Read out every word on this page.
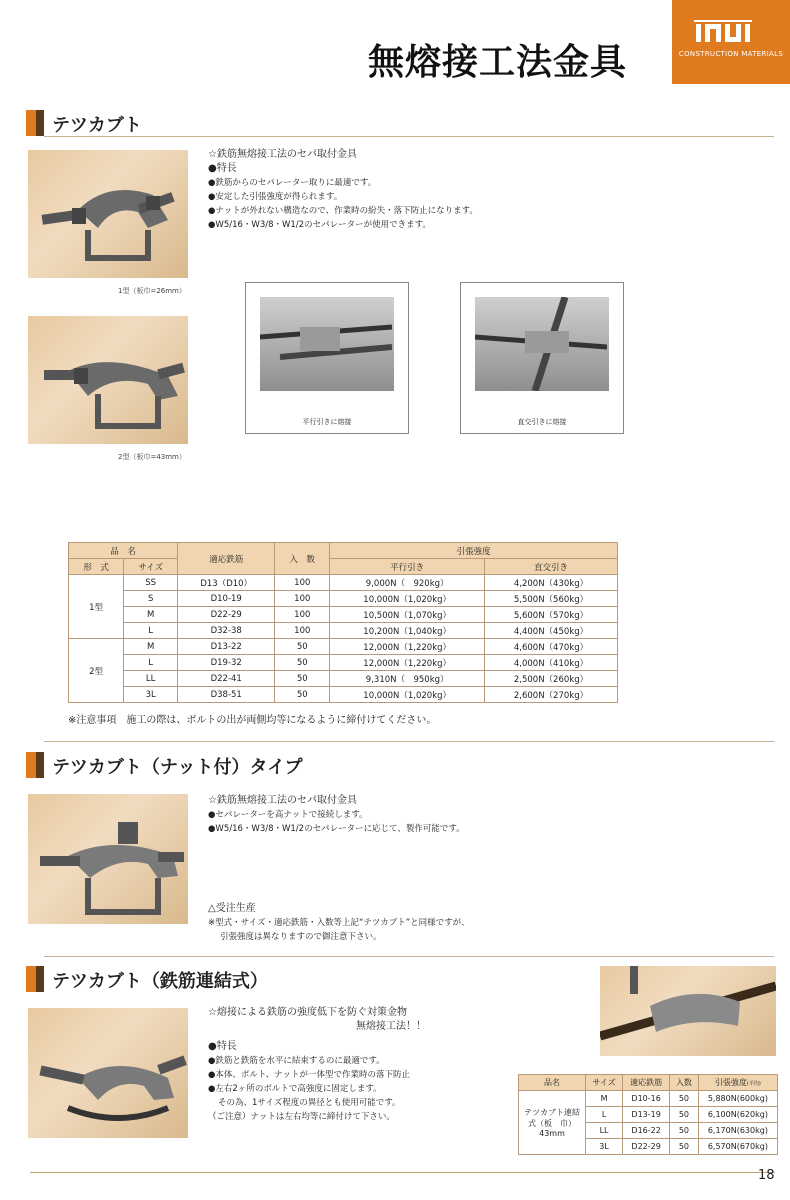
CONSTRUCTION MATERIALS
無熔接工法金具
テツカブト
1型（板巾=26mm）
2型（板巾=43mm）
☆鉄筋無熔接工法のセパ取付金具
●特長
●鉄筋からのセパレーター取りに最適です。
●安定した引張強度が得られます。
●ナットが外れない構造なので、作業時の紛失・落下防止になります。
●W5/16・W3/8・W1/2のセパレーターが使用できます。
平行引きに熔接	直交引きに熔接
品　名		適応鉄筋	入　数	引張強度	
形　式	サイズ			平行引き	直交引き
1型	SS	D13（D10）	100	9,000N（　920kg）	4,200N（430kg）
	S	D10-19	100	10,000N（1,020kg）	5,500N（560kg）
	M	D22-29	100	10,500N（1,070kg）	5,600N（570kg）
	L	D32-38	100	10,200N（1,040kg）	4,400N（450kg）
2型	M	D13-22	50	12,000N（1,220kg）	4,600N（470kg）
	L	D19-32	50	12,000N（1,220kg）	4,000N（410kg）
	LL	D22-41	50	9,310N（　950kg）	2,500N（260kg）
	3L	D38-51	50	10,000N（1,020kg）	2,600N（270kg）
※注意事項　施工の際は、ボルトの出が両側均等になるように締付けてください。
テツカブト（ナット付）タイプ
☆鉄筋無熔接工法のセパ取付金具
●セパレーターを高ナットで接続します。
●W5/16・W3/8・W1/2のセパレーターに応じて、製作可能です。
△受注生産
※型式・サイズ・適応鉄筋・入数等上記“テツカブト”と同様ですが、
引張強度は異なりますので御注意下さい。
テツカブト（鉄筋連結式）
☆熔接による鉄筋の強度低下を防ぐ対策金物
無熔接工法！！
●特長
●鉄筋と鉄筋を水平に結束するのに最適です。
●本体、ボルト、ナットが一体型で作業時の落下防止
●左右2ヶ所のボルトで高強度に固定します。
その為、1サイズ程度の異径とも使用可能です。
（ご注意）ナットは左右均等に締付けて下さい。
品名	サイズ	適応鉄筋	入数	引張強度(平均)
テツカブト連結式（板　巾）43mm	M	D10-16	50	5,880N(600kg)
	L	D13-19	50	6,100N(620kg)
	LL	D16-22	50	6,170N(630kg)
	3L	D22-29	50	6,570N(670kg)
18
